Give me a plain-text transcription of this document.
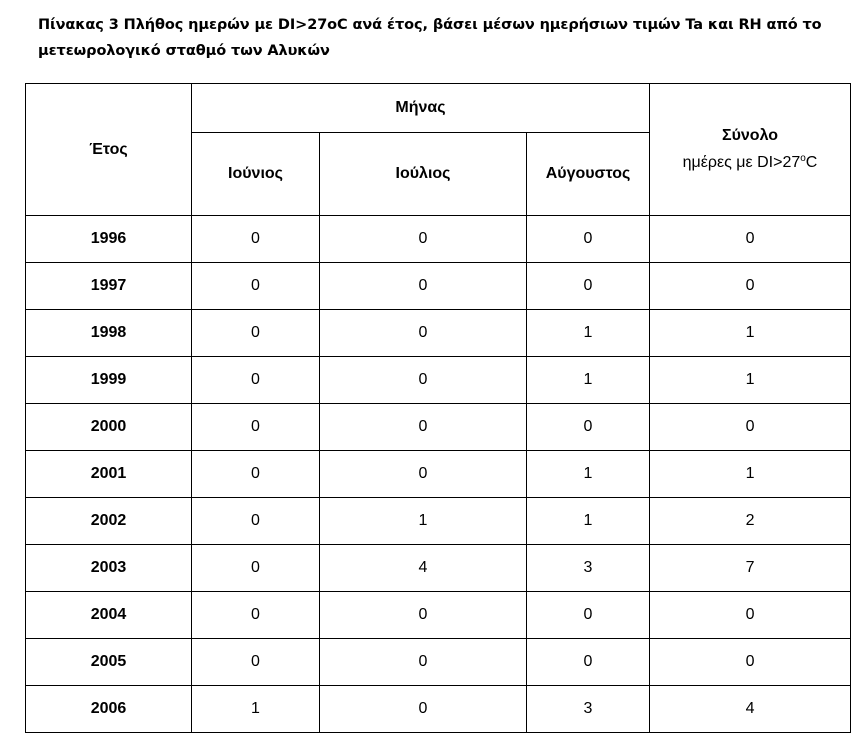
Πίνακας 3 Πλήθος ημερών με DI>27oC ανά έτος, βάσει μέσων ημερήσιων τιμών Ta και RH από το
μετεωρολογικό σταθμό των Αλυκών
Έτος	Μήνας			Σύνολο
ημέρες με $DI>27^oC$

	Ιούνιος	Ιούλιος	Αύγουστος	
1996	0	0	0	0
1997	0	0	0	0
1998	0	0	1	1
1999	0	0	1	1
2000	0	0	0	0
2001	0	0	1	1
2002	0	1	1	2
2003	0	4	3	7
2004	0	0	0	0
2005	0	0	0	0
2006	1	0	3	4
